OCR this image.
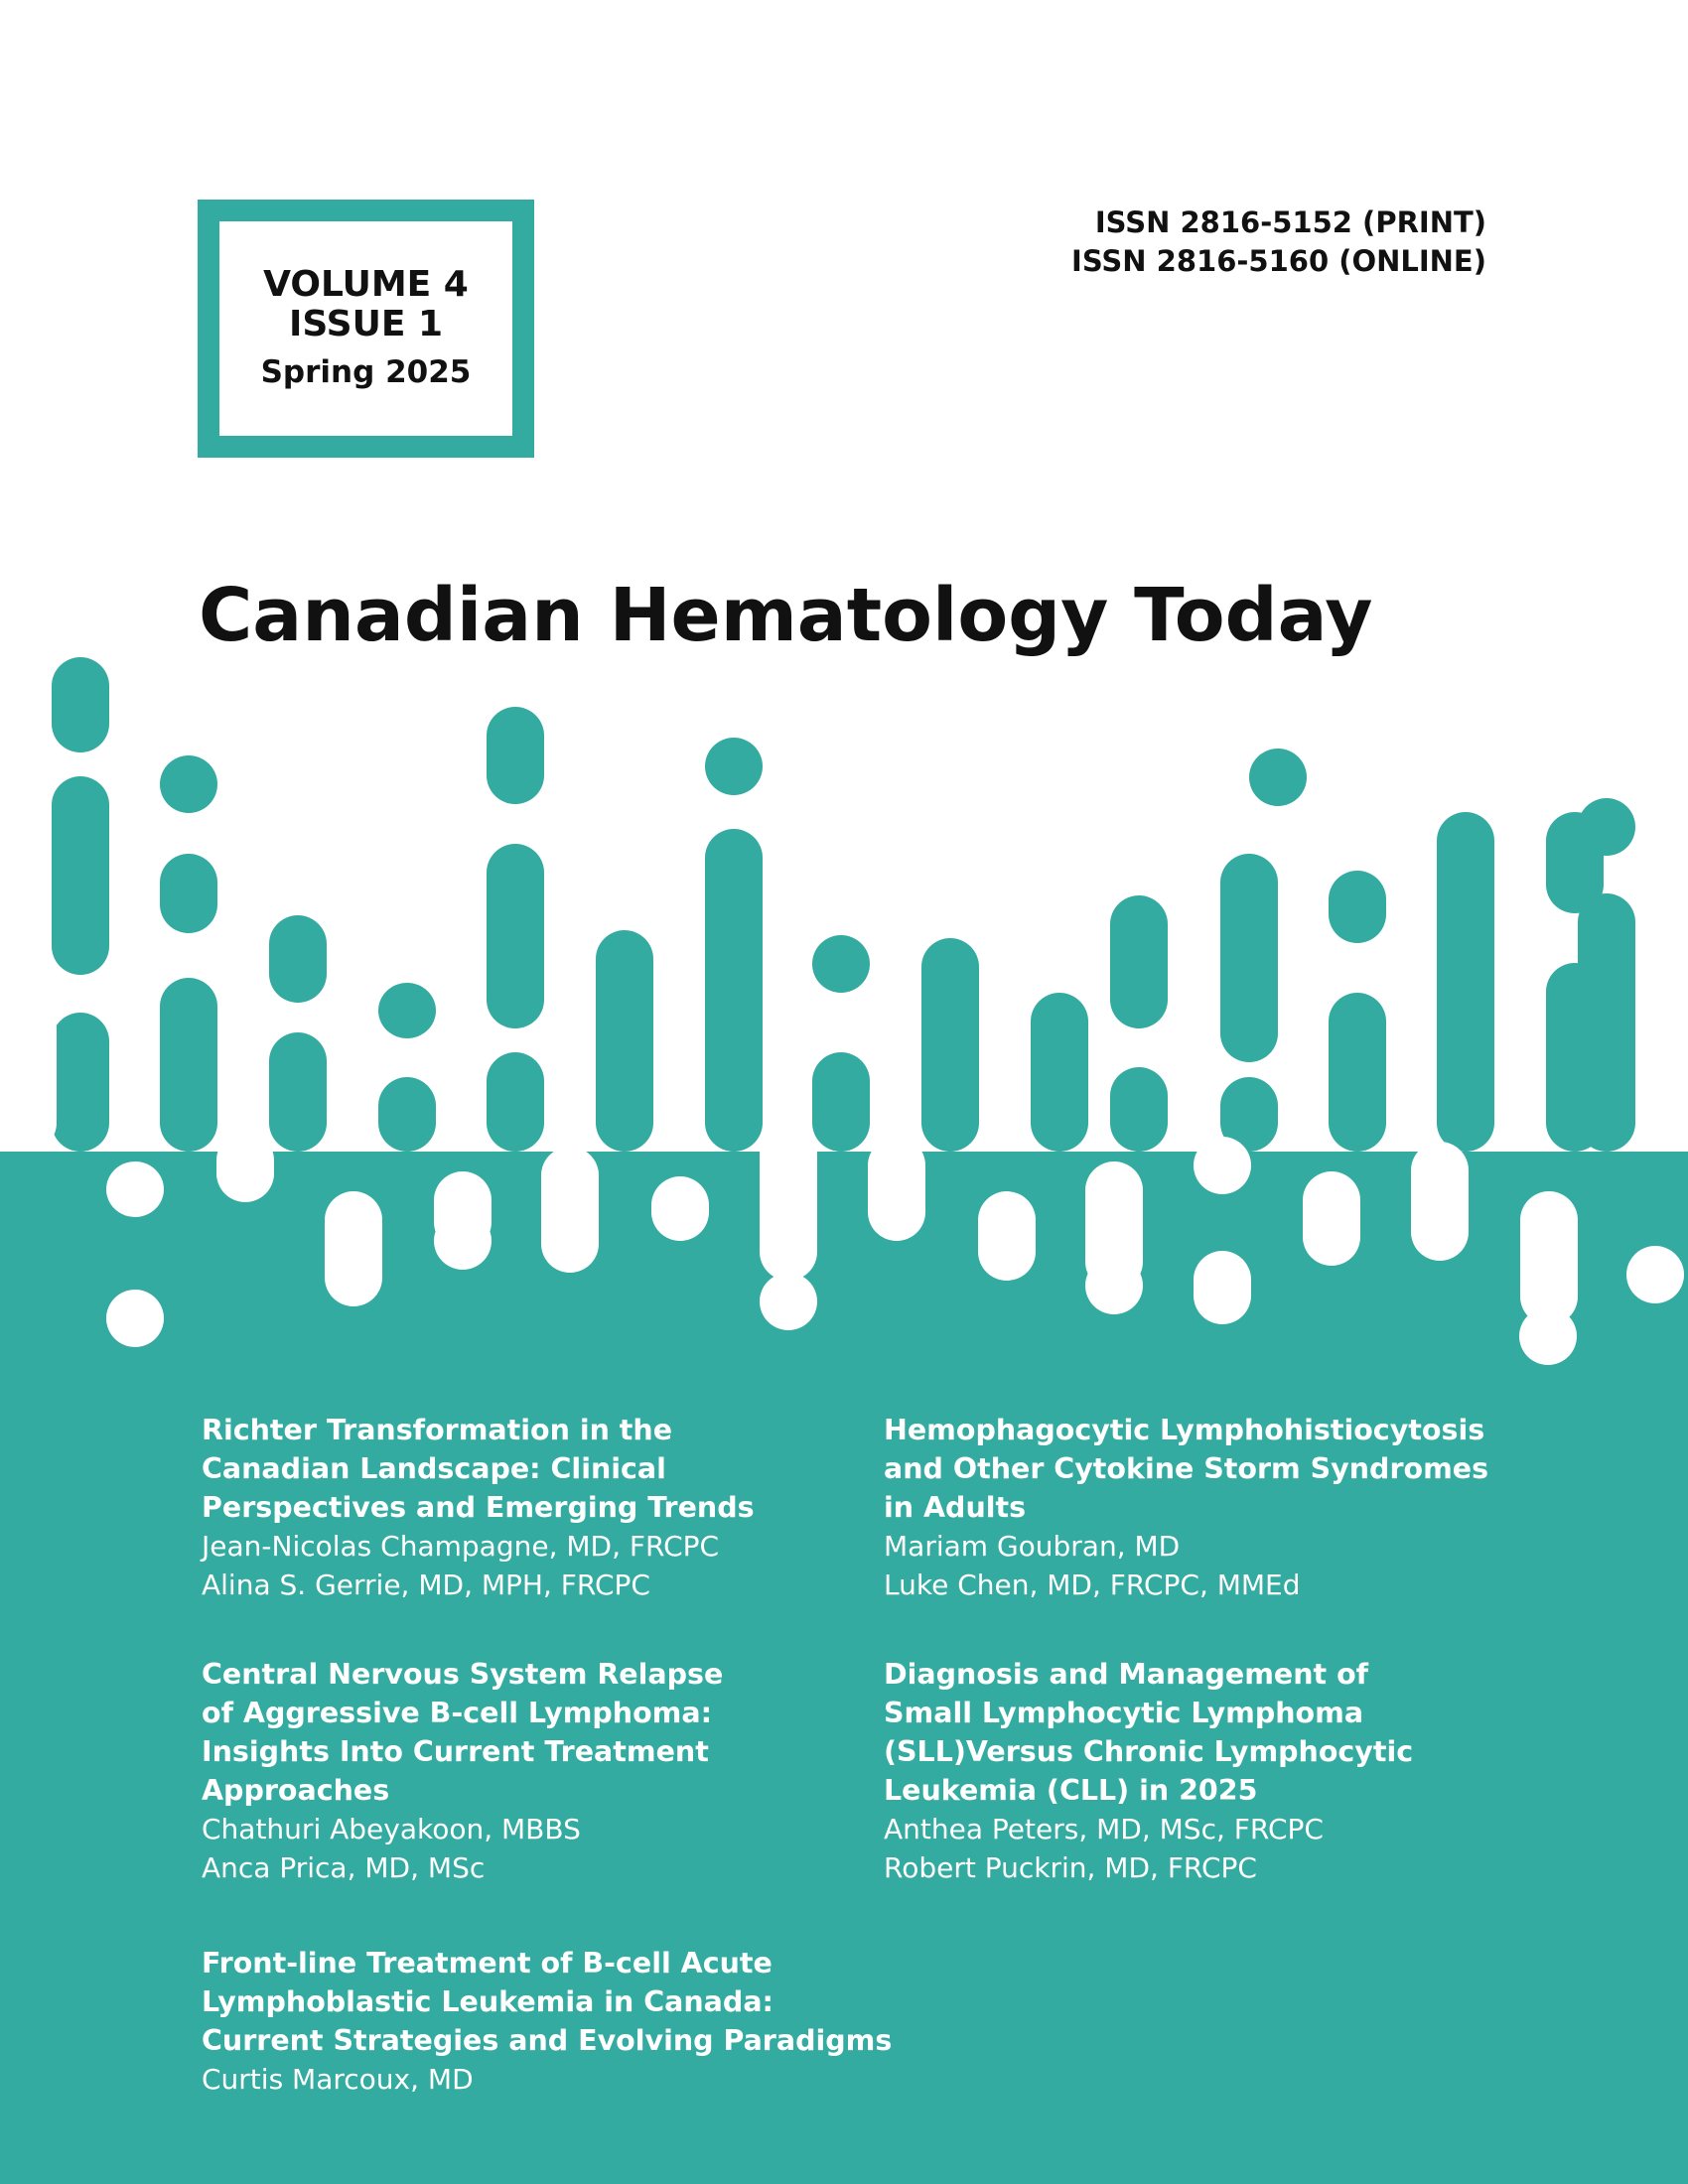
VOLUME 4
ISSUE 1
Spring 2025
ISSN 2816-5152 (PRINT)
ISSN 2816-5160 (ONLINE)
Canadian Hematology Today
Richter Transformation in the
Canadian Landscape: Clinical
Perspectives and Emerging Trends
Jean-Nicolas Champagne, MD, FRCPC
Alina S. Gerrie, MD, MPH, FRCPC
Hemophagocytic Lymphohistiocytosis
and Other Cytokine Storm Syndromes
in Adults
Mariam Goubran, MD
Luke Chen, MD, FRCPC, MMEd
Central Nervous System Relapse
of Aggressive B-cell Lymphoma:
Insights Into Current Treatment
Approaches
Chathuri Abeyakoon, MBBS
Anca Prica, MD, MSc
Diagnosis and Management of
Small Lymphocytic Lymphoma
(SLL)Versus Chronic Lymphocytic
Leukemia (CLL) in 2025
Anthea Peters, MD, MSc, FRCPC
Robert Puckrin, MD, FRCPC
Front-line Treatment of B-cell Acute
Lymphoblastic Leukemia in Canada:
Current Strategies and Evolving Paradigms
Curtis Marcoux, MD
